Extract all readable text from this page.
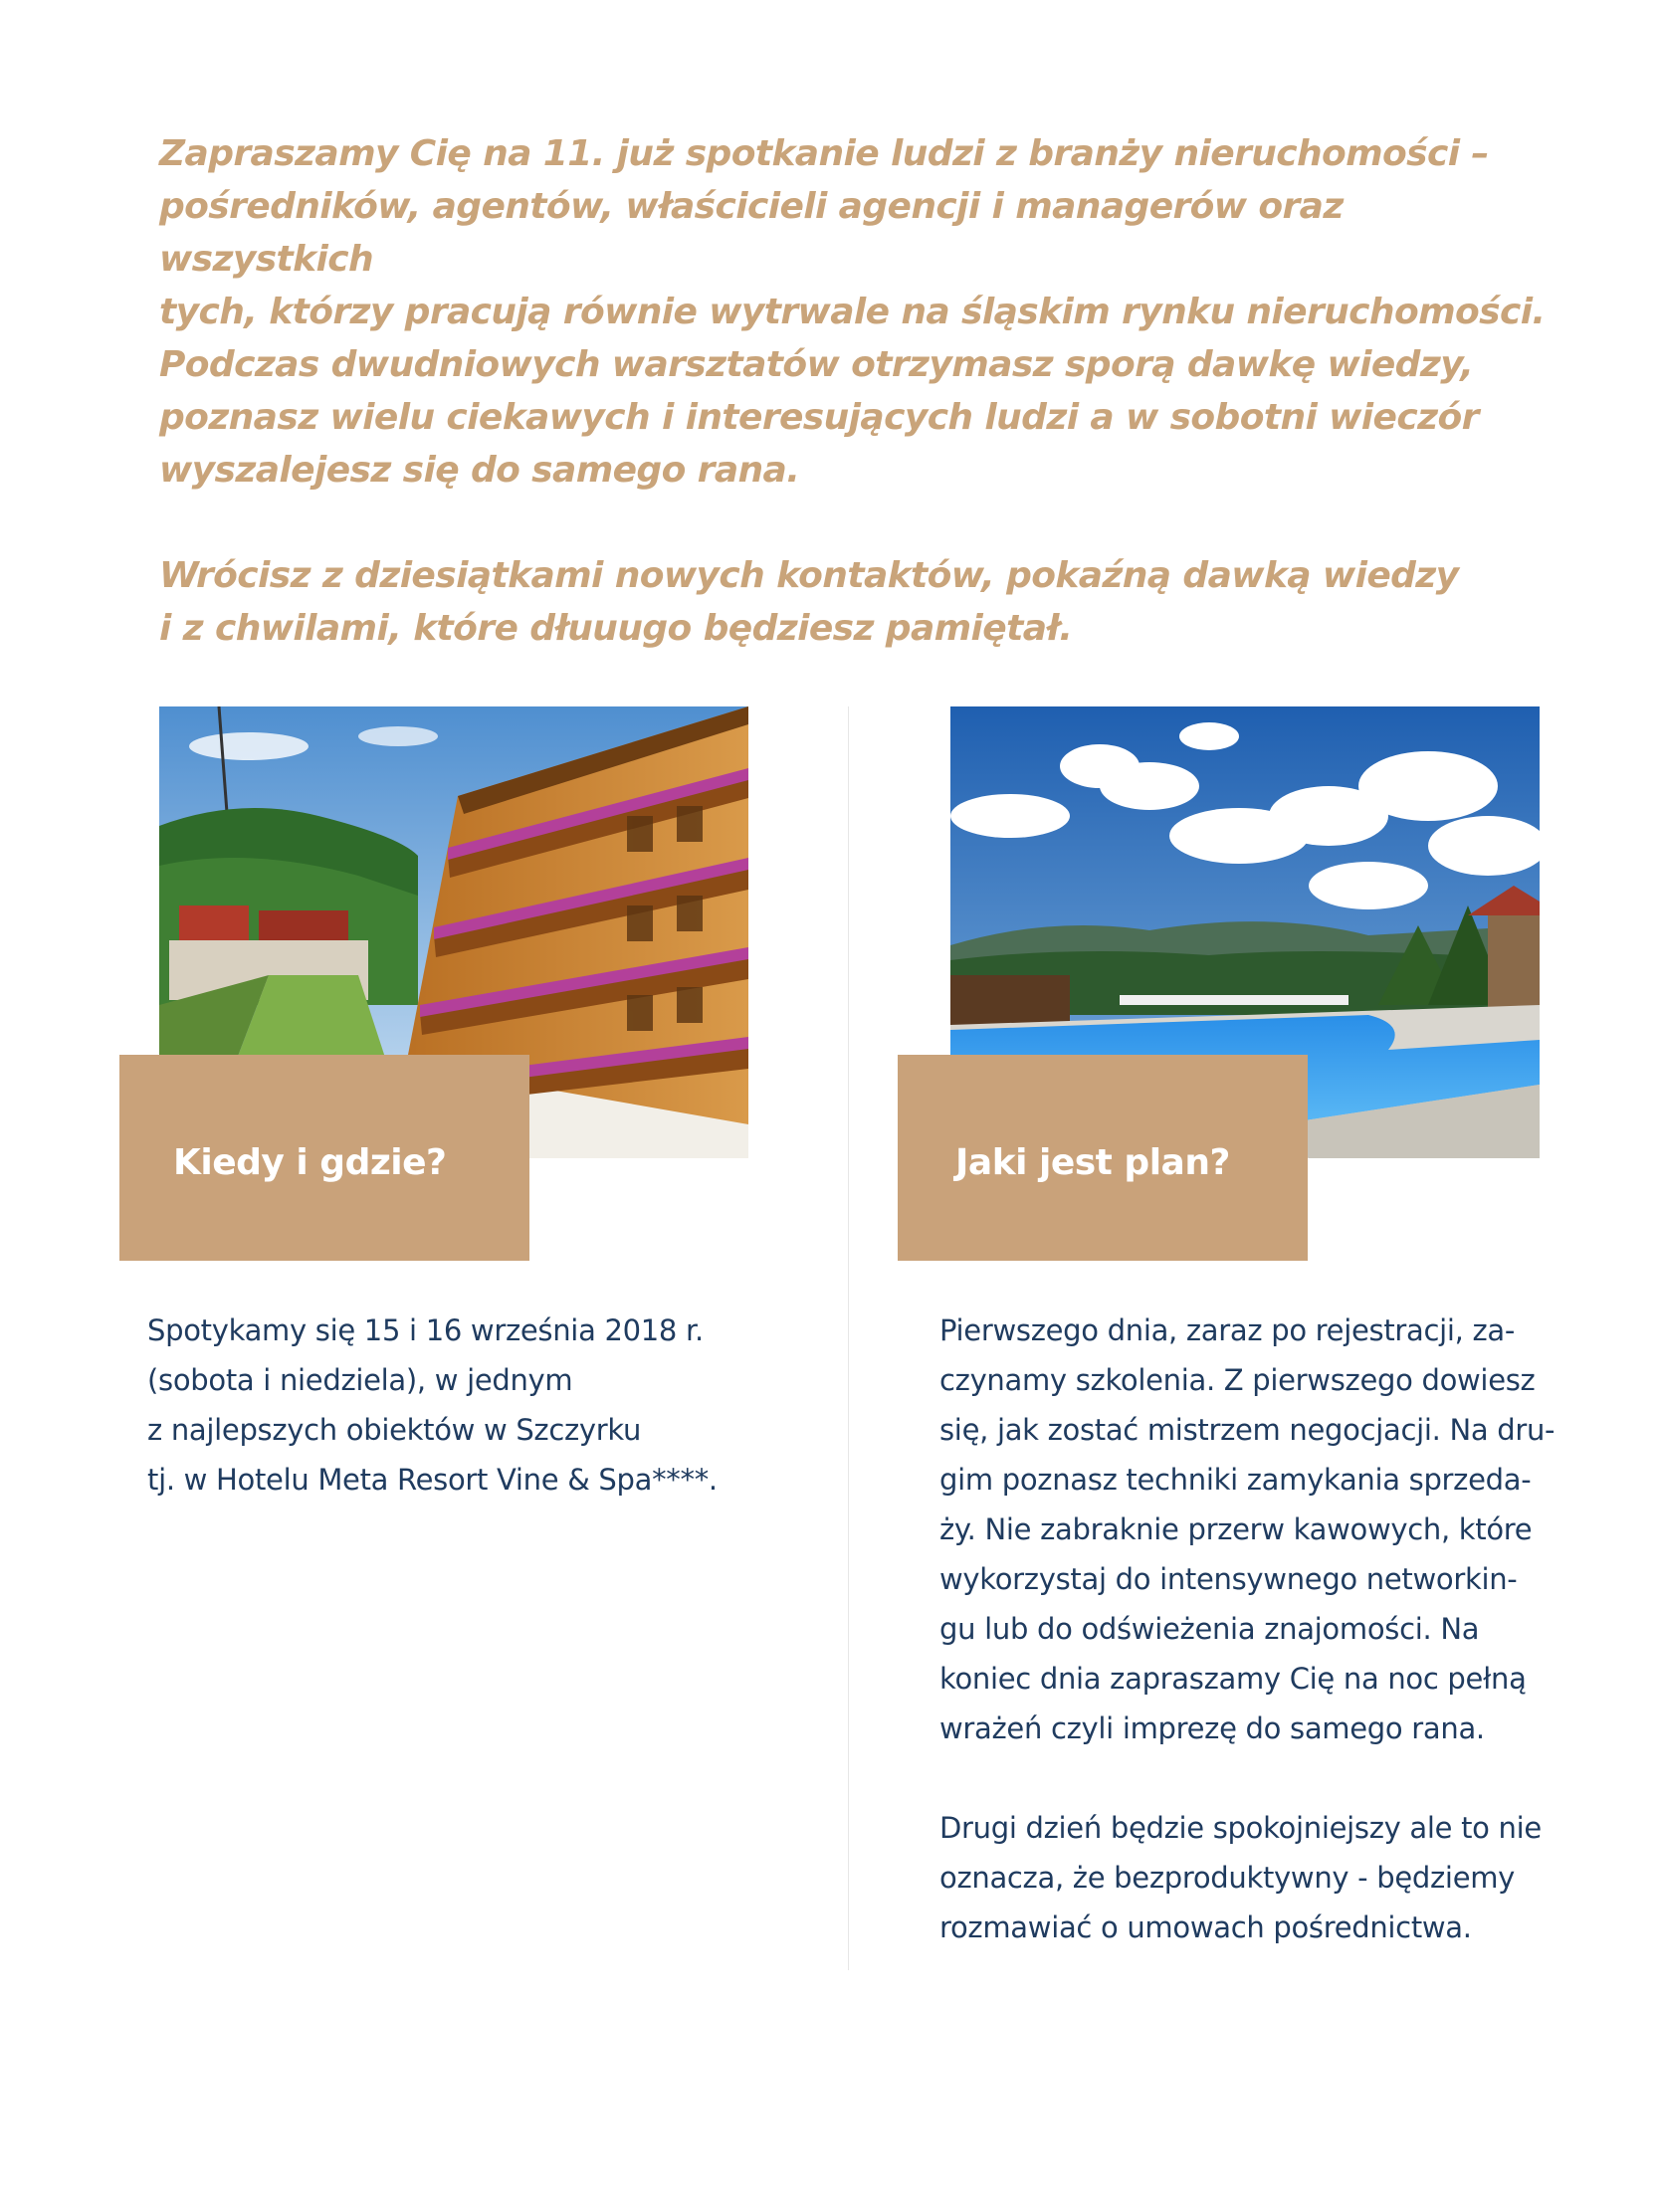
Zapraszamy Cię na 11. już spotkanie ludzi z branży nieruchomości –
pośredników, agentów, właścicieli agencji i managerów oraz wszystkich
tych, którzy pracują równie wytrwale na śląskim rynku nieruchomości.
Podczas dwudniowych warsztatów otrzymasz sporą dawkę wiedzy,
poznasz wielu ciekawych i interesujących ludzi a w sobotni wieczór
wyszalejesz się do samego rana.

Wrócisz z dziesiątkami nowych kontaktów, pokaźną dawką wiedzy
i z chwilami, które dłuuugo będziesz pamiętał.

Kiedy i gdzie?	Jaki jest plan?

Spotykamy się 15 i 16 września 2018 r.
(sobota i niedziela), w jednym
z najlepszych obiektów w Szczyrku
tj. w Hotelu Meta Resort Vine & Spa****.

Pierwszego dnia, zaraz po rejestracji, za-
czynamy szkolenia. Z pierwszego dowiesz
się, jak zostać mistrzem negocjacji. Na dru-
gim poznasz techniki zamykania sprzeda-
ży. Nie zabraknie przerw kawowych, które
wykorzystaj do intensywnego networkin-
gu lub do odświeżenia znajomości. Na
koniec dnia zapraszamy Cię na noc pełną
wrażeń czyli imprezę do samego rana.

Drugi dzień będzie spokojniejszy ale to nie
oznacza, że bezproduktywny - będziemy
rozmawiać o umowach pośrednictwa.
